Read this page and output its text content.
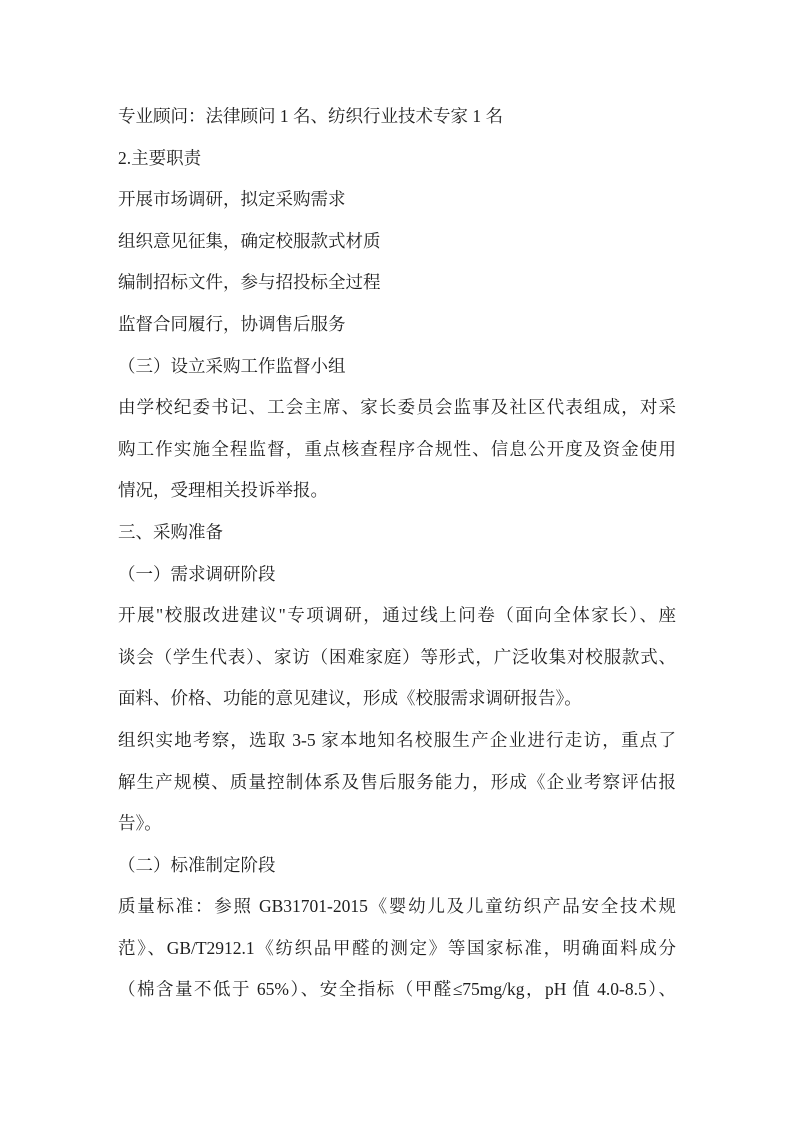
专业顾问：法律顾问 1 名、纺织行业技术专家 1 名
2.主要职责
开展市场调研，拟定采购需求
组织意见征集，确定校服款式材质
编制招标文件，参与招投标全过程
监督合同履行，协调售后服务
（三）设立采购工作监督小组
由学校纪委书记、工会主席、家长委员会监事及社区代表组成，对采
购工作实施全程监督，重点核查程序合规性、信息公开度及资金使用
情况，受理相关投诉举报。
三、采购准备
（一）需求调研阶段
开展"校服改进建议"专项调研，通过线上问卷（面向全体家长）、座
谈会（学生代表）、家访（困难家庭）等形式，广泛收集对校服款式、
面料、价格、功能的意见建议，形成《校服需求调研报告》。
组织实地考察，选取 3-5 家本地知名校服生产企业进行走访，重点了
解生产规模、质量控制体系及售后服务能力，形成《企业考察评估报
告》。
（二）标准制定阶段
质量标准：参照 GB31701-2015《婴幼儿及儿童纺织产品安全技术规
范》、GB/T2912.1《纺织品甲醛的测定》等国家标准，明确面料成分
（棉含量不低于 65%）、安全指标（甲醛≤75mg/kg，pH 值 4.0-8.5）、
